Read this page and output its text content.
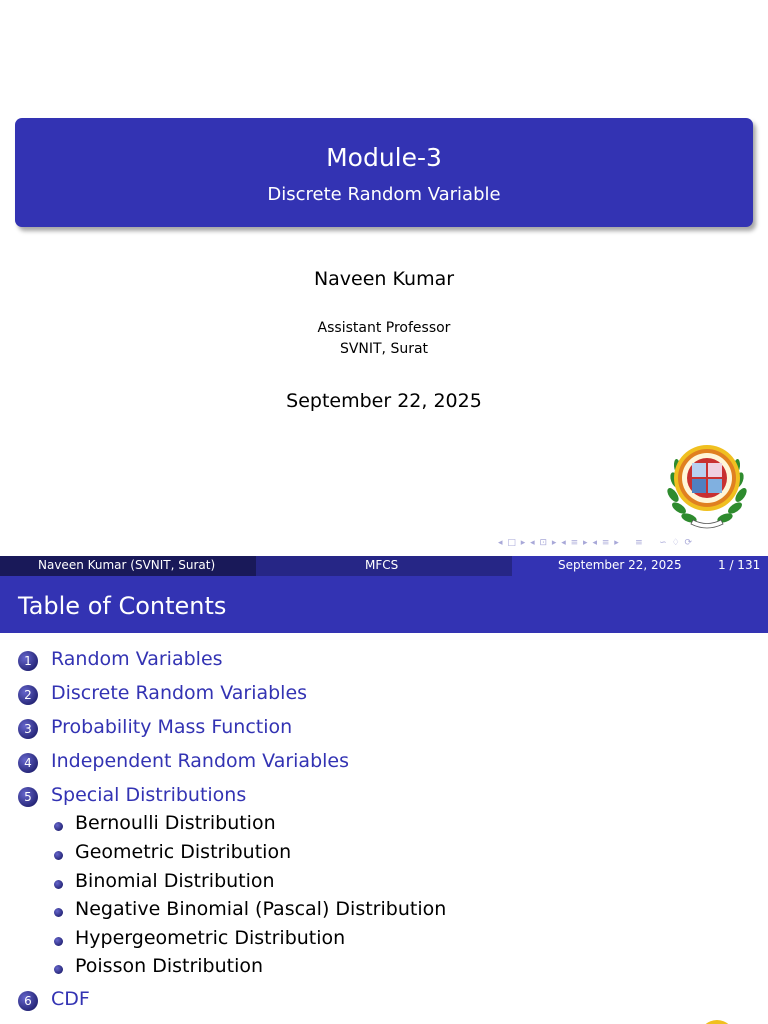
Module-3
Discrete Random Variable
Naveen Kumar
Assistant Professor
SVNIT, Surat
September 22, 2025
◂ □ ▸ ◂ ⊡ ▸ ◂ ≡ ▸ ◂ ≡ ▸    ≡    ∽ ♢ ⟳
Naveen Kumar (SVNIT, Surat)	MFCS	September 22, 2025	1 / 131
Table of Contents
1	Random Variables
2	Discrete Random Variables
3	Probability Mass Function
4	Independent Random Variables
5	Special Distributions
Bernoulli Distribution
Geometric Distribution
Binomial Distribution
Negative Binomial (Pascal) Distribution
Hypergeometric Distribution
Poisson Distribution
6	CDF
